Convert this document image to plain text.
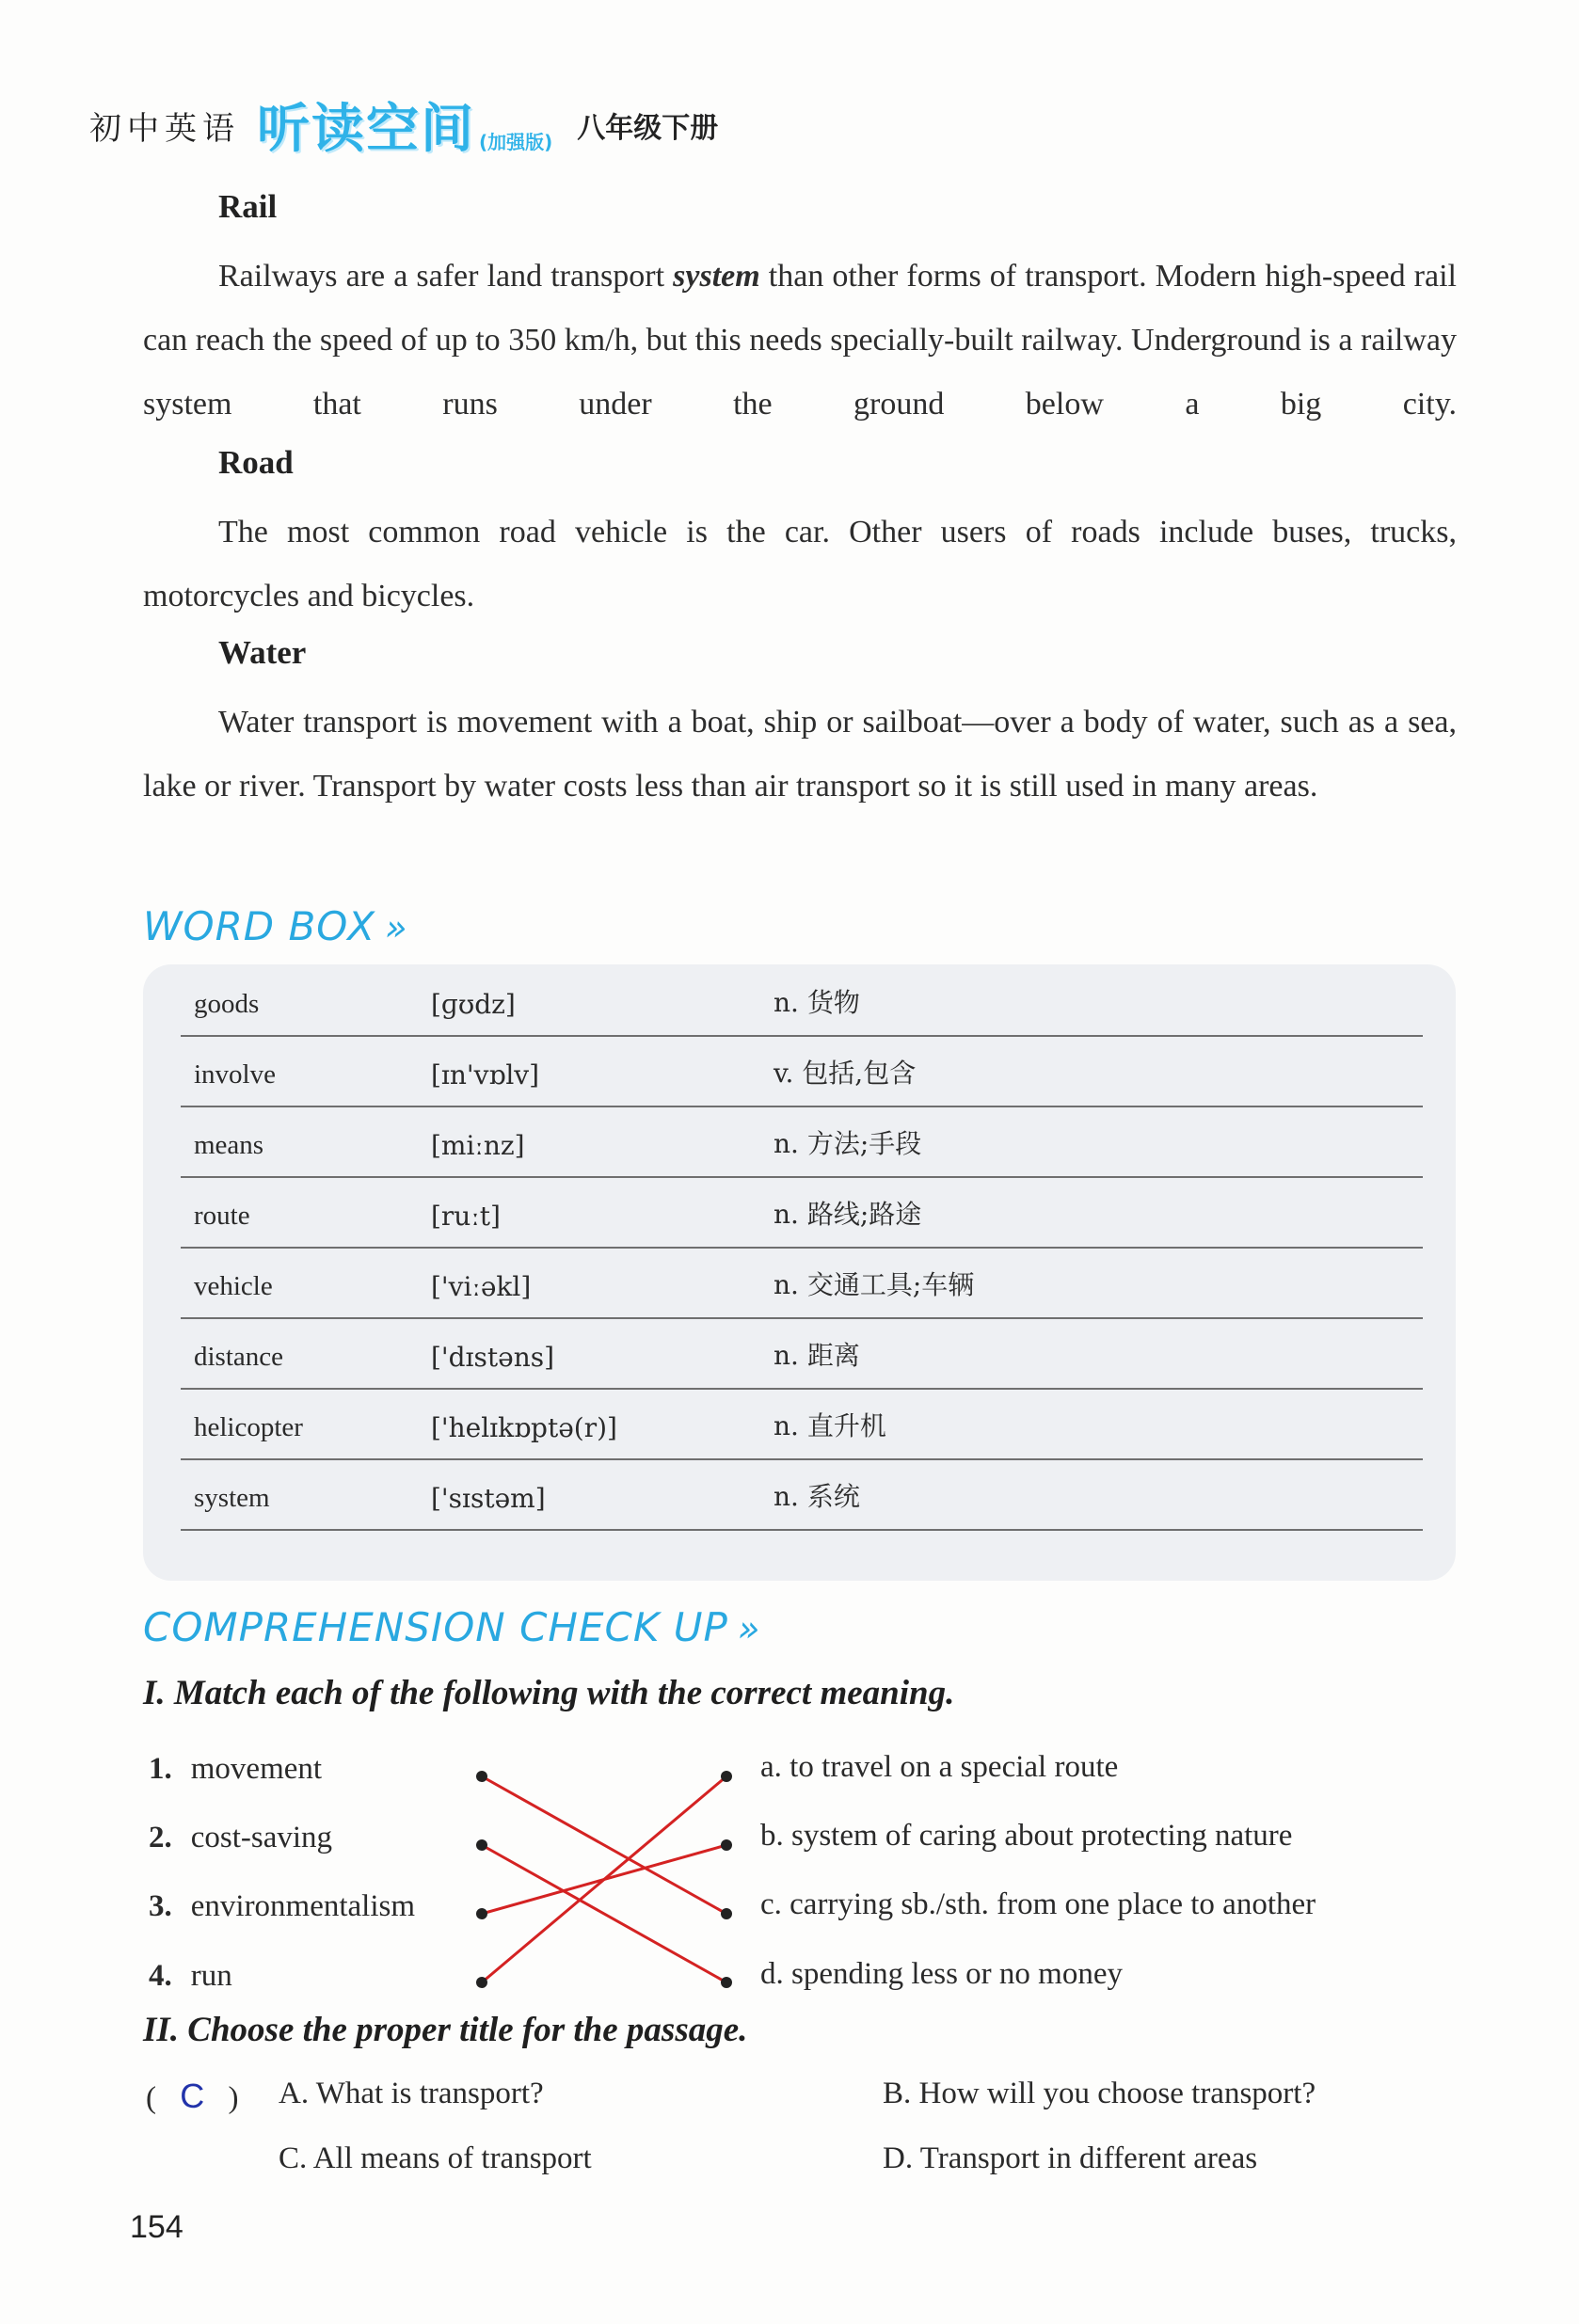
初中英语 听读空间 (加强版) 八年级下册
Rail
Railways are a safer land transport system than other forms of transport. Modern high-speed rail can reach the speed of up to 350 km/h, but this needs specially-built railway. Underground is a railway system that runs under the ground below a big city.
Road
The most common road vehicle is the car. Other users of roads include buses, trucks, motorcycles and bicycles.
Water
Water transport is movement with a boat, ship or sailboat—over a body of water, such as a sea, lake or river. Transport by water costs less than air transport so it is still used in many areas.
WORD BOX »
goods	[ɡʊdz]	n. 货物
involve	[ɪn'vɒlv]	v. 包括,包含
means	[miːnz]	n. 方法;手段
route	[ruːt]	n. 路线;路途
vehicle	['viːəkl]	n. 交通工具;车辆
distance	['dɪstəns]	n. 距离
helicopter	['helɪkɒptə(r)]	n. 直升机
system	['sɪstəm]	n. 系统
COMPREHENSION CHECK UP »
I. Match each of the following with the correct meaning.
1. movement
2. cost-saving
3. environmentalism
4. run
a. to travel on a special route
b. system of caring about protecting nature
c. carrying sb./sth. from one place to another
d. spending less or no money
II. Choose the proper title for the passage.
( C ) A. What is transport?	B. How will you choose transport?
C. All means of transport	D. Transport in different areas
154
